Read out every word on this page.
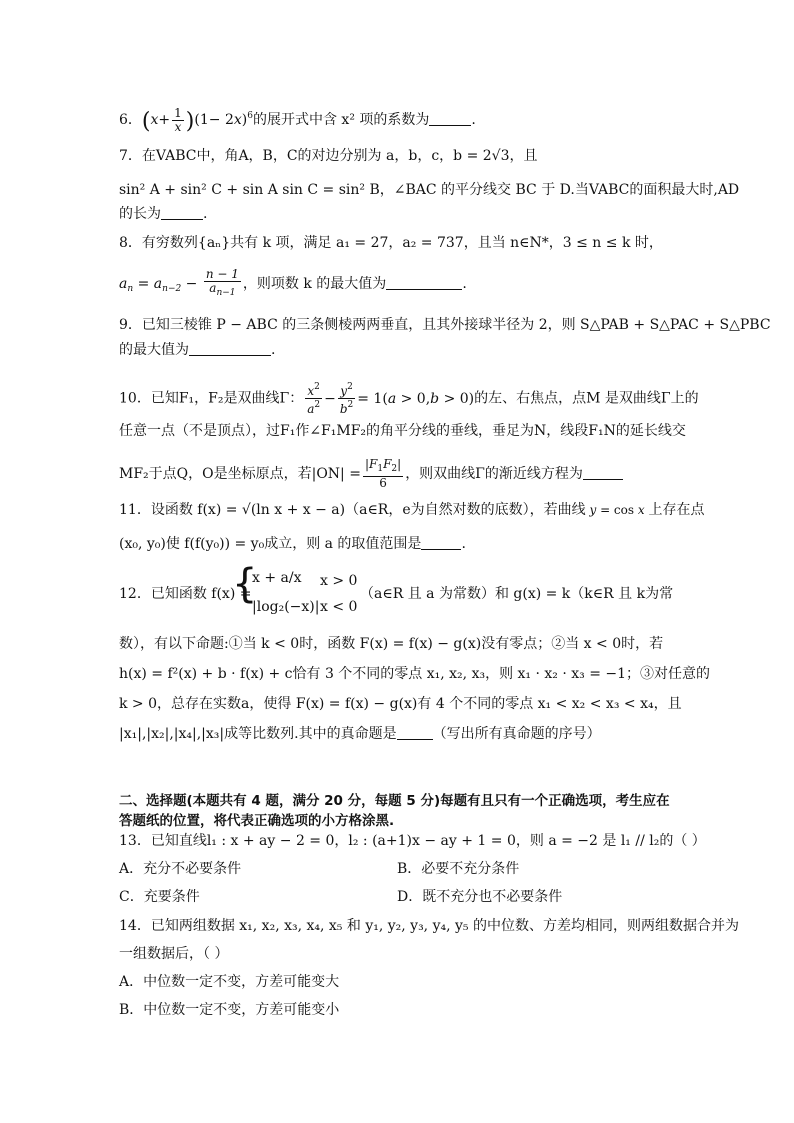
6．$(x+ \frac{1}{x} )(1- 2x)^6$的展开式中含 x² 项的系数为	.
7．在VABC中，角A，B，C的对边分别为 a，b，c，b = 2√3，且
sin² A + sin² C + sin A sin C = sin² B，∠BAC 的平分线交 BC 于 D.当VABC的面积最大时,AD
的长为	.
8．有穷数列{aₙ}共有 k 项，满足 a₁ = 27，a₂ = 737，且当 n∈N*，3 ≤ n ≤ k 时，
$a_n = a_{n-2} - \frac{n - 1}{a_{n-1}}$ ，则项数 k 的最大值为	.
9．已知三棱锥 P − ABC 的三条侧棱两两垂直，且其外接球半径为 2，则 S△PAB + S△PAC + S△PBC
的最大值为	.
10．已知F₁，F₂是双曲线Γ： $\frac{x^2}{a^2} - \frac{y^2}{b^2} = 1(a > 0,b > 0)$的左、右焦点，点M 是双曲线Γ上的
任意一点（不是顶点），过F₁作∠F₁MF₂的角平分线的垂线，垂足为N，线段F₁N的延长线交
MF₂于点Q，O是坐标原点，若$|ON| = \frac{|F_1F_2|}{6}$ ，则双曲线Γ的渐近线方程为
11．设函数 f(x) = √(ln x + x − a)（a∈R，e为自然对数的底数），若曲线 y = cos x 上存在点
(x₀, y₀)使 f(f(y₀)) = y₀成立，则 a 的取值范围是	.
12．已知函数 f(x) =
{
x + a/x x > 0
|log₂(−x)| x < 0
（a∈R 且 a 为常数）和 g(x) = k（k∈R 且 k为常
数），有以下命题:①当 k < 0时，函数 F(x) = f(x) − g(x)没有零点；②当 x < 0时，若
h(x) = f²(x) + b · f(x) + c恰有 3 个不同的零点 x₁, x₂, x₃，则 x₁ · x₂ · x₃ = −1；③对任意的
k > 0，总存在实数a，使得 F(x) = f(x) − g(x)有 4 个不同的零点 x₁ < x₂ < x₃ < x₄，且
|x₁|,|x₂|,|x₄|,|x₃|成等比数列.其中的真命题是	（写出所有真命题的序号）
二、选择题(本题共有 4 题，满分 20 分，每题 5 分)每题有且只有一个正确选项，考生应在
答题纸的位置，将代表正确选项的小方格涂黑.
13．已知直线l₁ : x + ay − 2 = 0，l₂ : (a+1)x − ay + 1 = 0，则 a = −2 是 l₁ // l₂的（ ）
A．充分不必要条件	B．必要不充分条件
C．充要条件	D．既不充分也不必要条件
14．已知两组数据 x₁, x₂, x₃, x₄, x₅ 和 y₁, y₂, y₃, y₄, y₅ 的中位数、方差均相同，则两组数据合并为
一组数据后，（ ）
A．中位数一定不变，方差可能变大
B．中位数一定不变，方差可能变小
